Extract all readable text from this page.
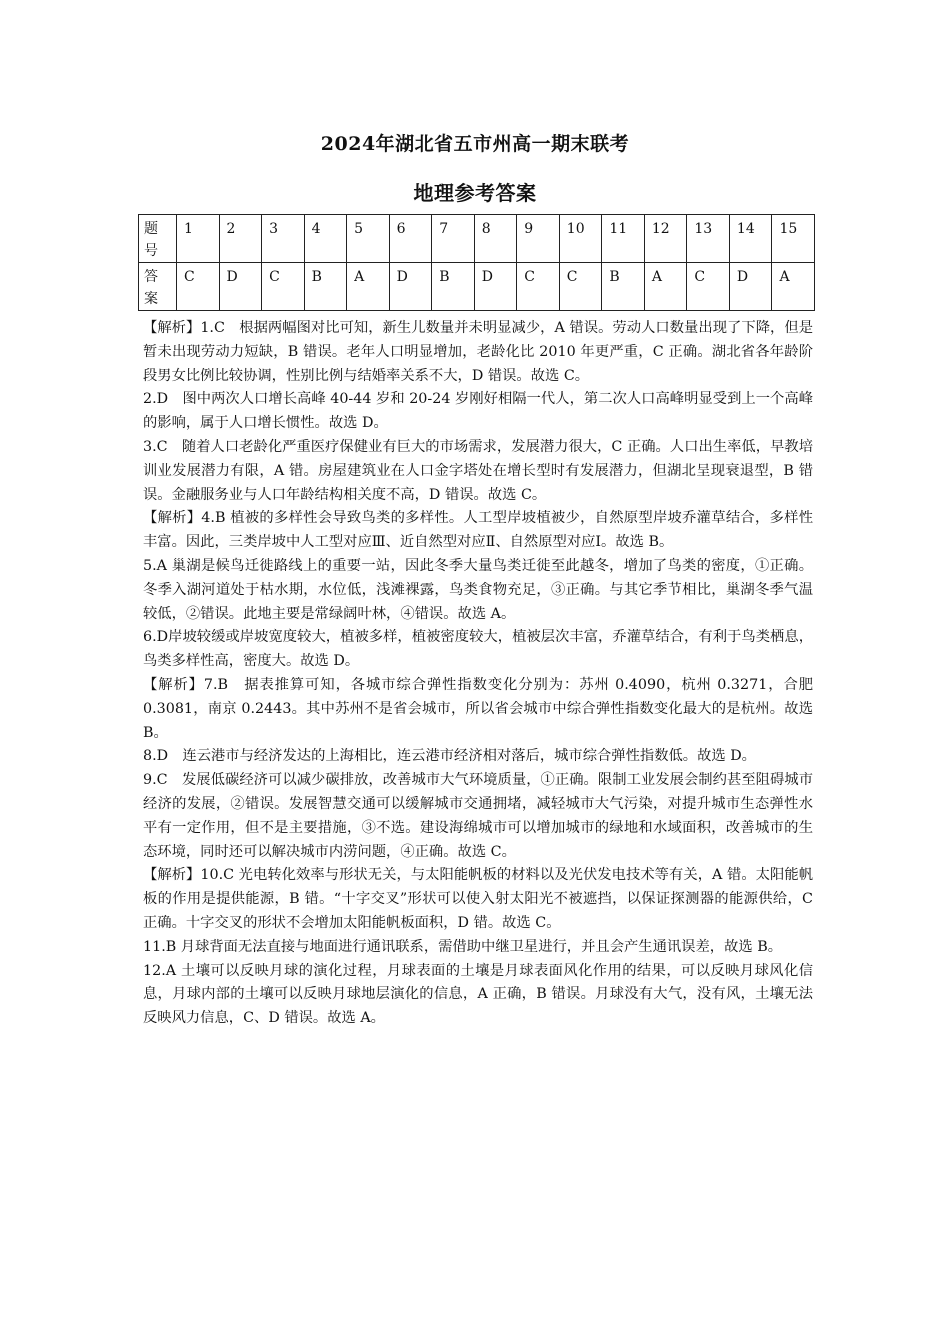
2024年湖北省五市州高一期末联考
地理参考答案
题号	1	2	3	4	5	6	7	8	9	10	11	12	13	14	15
答案	C	D	C	B	A	D	B	D	C	C	B	A	C	D	A

【解析】1.C　根据两幅图对比可知，新生儿数量并未明显减少，A 错误。劳动人口数量出现了下降，但是暂未出现劳动力短缺，B 错误。老年人口明显增加，老龄化比 2010 年更严重，C 正确。湖北省各年龄阶段男女比例比较协调，性别比例与结婚率关系不大，D 错误。故选 C。

2.D　图中两次人口增长高峰 40-44 岁和 20-24 岁刚好相隔一代人，第二次人口高峰明显受到上一个高峰的影响，属于人口增长惯性。故选 D。

3.C　随着人口老龄化严重医疗保健业有巨大的市场需求，发展潜力很大，C 正确。人口出生率低，早教培训业发展潜力有限，A 错。房屋建筑业在人口金字塔处在增长型时有发展潜力，但湖北呈现衰退型，B 错误。金融服务业与人口年龄结构相关度不高，D 错误。故选 C。

【解析】4.B 植被的多样性会导致鸟类的多样性。人工型岸坡植被少，自然原型岸坡乔灌草结合，多样性丰富。因此，三类岸坡中人工型对应Ⅲ、近自然型对应Ⅱ、自然原型对应Ⅰ。故选 B。

5.A 巢湖是候鸟迁徙路线上的重要一站，因此冬季大量鸟类迁徙至此越冬，增加了鸟类的密度，①正确。冬季入湖河道处于枯水期，水位低，浅滩裸露，鸟类食物充足，③正确。与其它季节相比，巢湖冬季气温较低，②错误。此地主要是常绿阔叶林，④错误。故选 A。

6.D岸坡较缓或岸坡宽度较大，植被多样，植被密度较大，植被层次丰富，乔灌草结合，有利于鸟类栖息，鸟类多样性高，密度大。故选 D。

【解析】7.B　据表推算可知，各城市综合弹性指数变化分别为：苏州 0.4090，杭州 0.3271，合肥 0.3081，南京 0.2443。其中苏州不是省会城市，所以省会城市中综合弹性指数变化最大的是杭州。故选 B。

8.D　连云港市与经济发达的上海相比，连云港市经济相对落后，城市综合弹性指数低。故选 D。

9.C　发展低碳经济可以减少碳排放，改善城市大气环境质量，①正确。限制工业发展会制约甚至阻碍城市经济的发展，②错误。发展智慧交通可以缓解城市交通拥堵，减轻城市大气污染，对提升城市生态弹性水平有一定作用，但不是主要措施，③不选。建设海绵城市可以增加城市的绿地和水域面积，改善城市的生态环境，同时还可以解决城市内涝问题，④正确。故选 C。

【解析】10.C 光电转化效率与形状无关，与太阳能帆板的材料以及光伏发电技术等有关，A 错。太阳能帆板的作用是提供能源，B 错。“十字交叉”形状可以使入射太阳光不被遮挡，以保证探测器的能源供给，C 正确。十字交叉的形状不会增加太阳能帆板面积，D 错。故选 C。

11.B 月球背面无法直接与地面进行通讯联系，需借助中继卫星进行，并且会产生通讯误差，故选 B。

12.A 土壤可以反映月球的演化过程，月球表面的土壤是月球表面风化作用的结果，可以反映月球风化信息，月球内部的土壤可以反映月球地层演化的信息，A 正确，B 错误。月球没有大气，没有风，土壤无法反映风力信息，C、D 错误。故选 A。
